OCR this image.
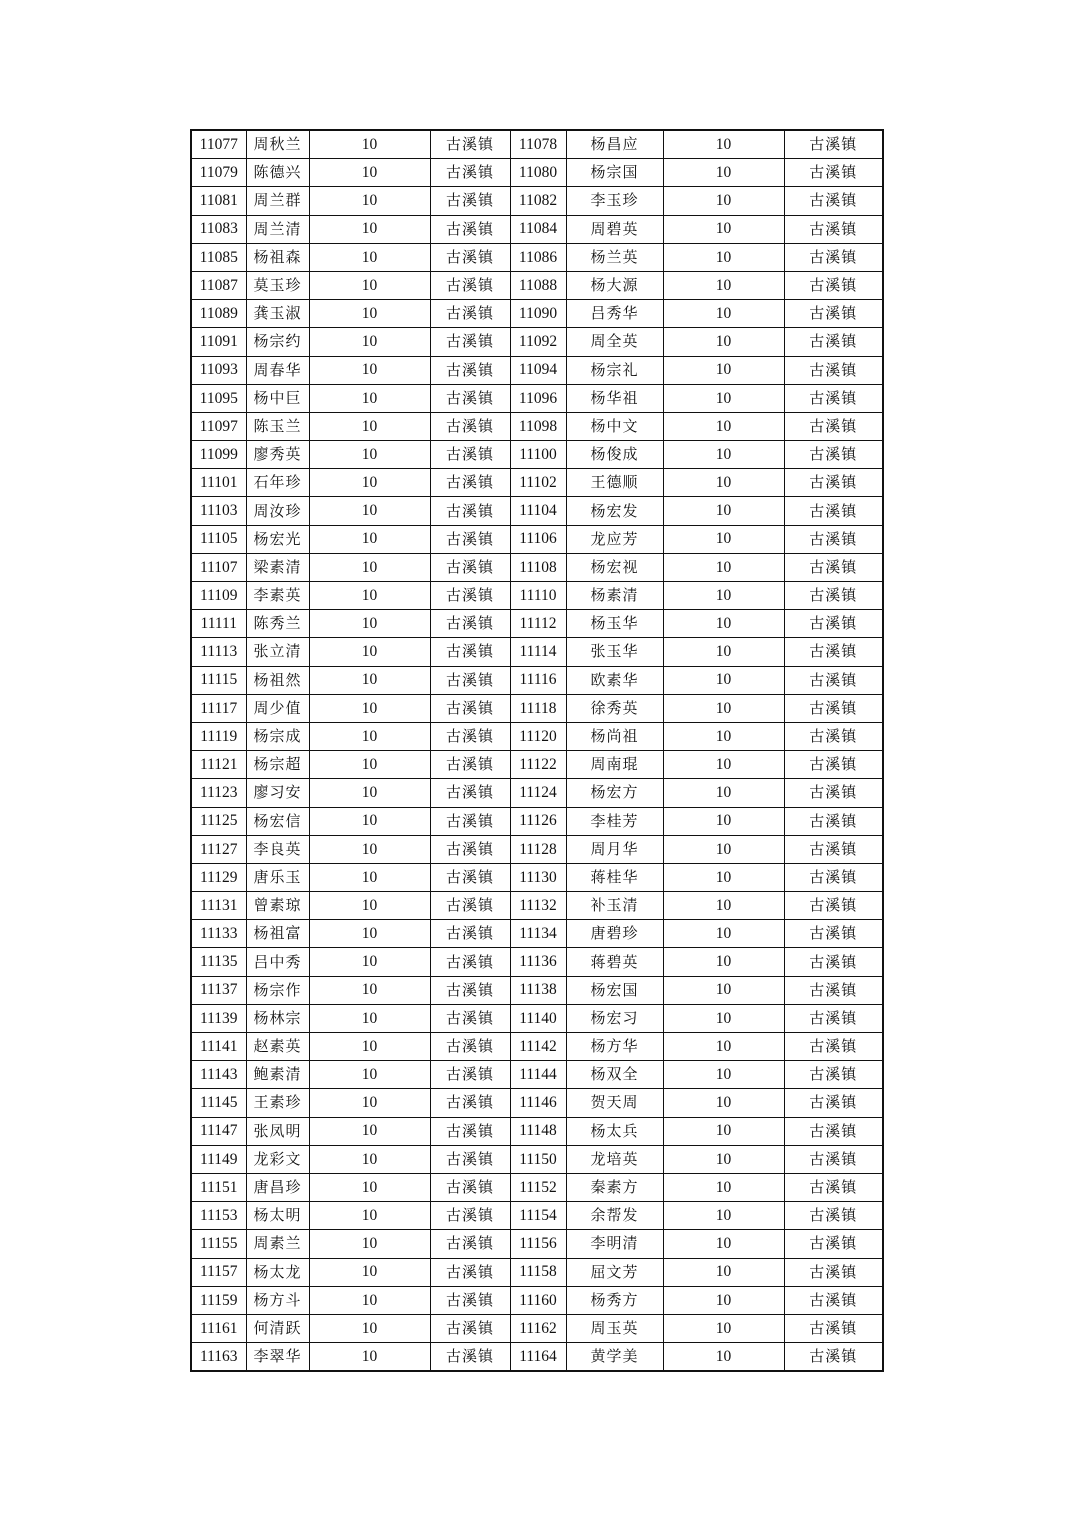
11077	周秋兰	10	古溪镇	11078	杨昌应	10	古溪镇
11079	陈德兴	10	古溪镇	11080	杨宗国	10	古溪镇
11081	周兰群	10	古溪镇	11082	李玉珍	10	古溪镇
11083	周兰清	10	古溪镇	11084	周碧英	10	古溪镇
11085	杨祖森	10	古溪镇	11086	杨兰英	10	古溪镇
11087	莫玉珍	10	古溪镇	11088	杨大源	10	古溪镇
11089	龚玉淑	10	古溪镇	11090	吕秀华	10	古溪镇
11091	杨宗约	10	古溪镇	11092	周全英	10	古溪镇
11093	周春华	10	古溪镇	11094	杨宗礼	10	古溪镇
11095	杨中巨	10	古溪镇	11096	杨华祖	10	古溪镇
11097	陈玉兰	10	古溪镇	11098	杨中文	10	古溪镇
11099	廖秀英	10	古溪镇	11100	杨俊成	10	古溪镇
11101	石年珍	10	古溪镇	11102	王德顺	10	古溪镇
11103	周汝珍	10	古溪镇	11104	杨宏发	10	古溪镇
11105	杨宏光	10	古溪镇	11106	龙应芳	10	古溪镇
11107	梁素清	10	古溪镇	11108	杨宏视	10	古溪镇
11109	李素英	10	古溪镇	11110	杨素清	10	古溪镇
11111	陈秀兰	10	古溪镇	11112	杨玉华	10	古溪镇
11113	张立清	10	古溪镇	11114	张玉华	10	古溪镇
11115	杨祖然	10	古溪镇	11116	欧素华	10	古溪镇
11117	周少值	10	古溪镇	11118	徐秀英	10	古溪镇
11119	杨宗成	10	古溪镇	11120	杨尚祖	10	古溪镇
11121	杨宗超	10	古溪镇	11122	周南琨	10	古溪镇
11123	廖习安	10	古溪镇	11124	杨宏方	10	古溪镇
11125	杨宏信	10	古溪镇	11126	李桂芳	10	古溪镇
11127	李良英	10	古溪镇	11128	周月华	10	古溪镇
11129	唐乐玉	10	古溪镇	11130	蒋桂华	10	古溪镇
11131	曾素琼	10	古溪镇	11132	补玉清	10	古溪镇
11133	杨祖富	10	古溪镇	11134	唐碧珍	10	古溪镇
11135	吕中秀	10	古溪镇	11136	蒋碧英	10	古溪镇
11137	杨宗作	10	古溪镇	11138	杨宏国	10	古溪镇
11139	杨林宗	10	古溪镇	11140	杨宏习	10	古溪镇
11141	赵素英	10	古溪镇	11142	杨方华	10	古溪镇
11143	鲍素清	10	古溪镇	11144	杨双全	10	古溪镇
11145	王素珍	10	古溪镇	11146	贺天周	10	古溪镇
11147	张凤明	10	古溪镇	11148	杨太兵	10	古溪镇
11149	龙彩文	10	古溪镇	11150	龙培英	10	古溪镇
11151	唐昌珍	10	古溪镇	11152	秦素方	10	古溪镇
11153	杨太明	10	古溪镇	11154	余帮发	10	古溪镇
11155	周素兰	10	古溪镇	11156	李明清	10	古溪镇
11157	杨太龙	10	古溪镇	11158	屈文芳	10	古溪镇
11159	杨方斗	10	古溪镇	11160	杨秀方	10	古溪镇
11161	何清跃	10	古溪镇	11162	周玉英	10	古溪镇
11163	李翠华	10	古溪镇	11164	黄学美	10	古溪镇
